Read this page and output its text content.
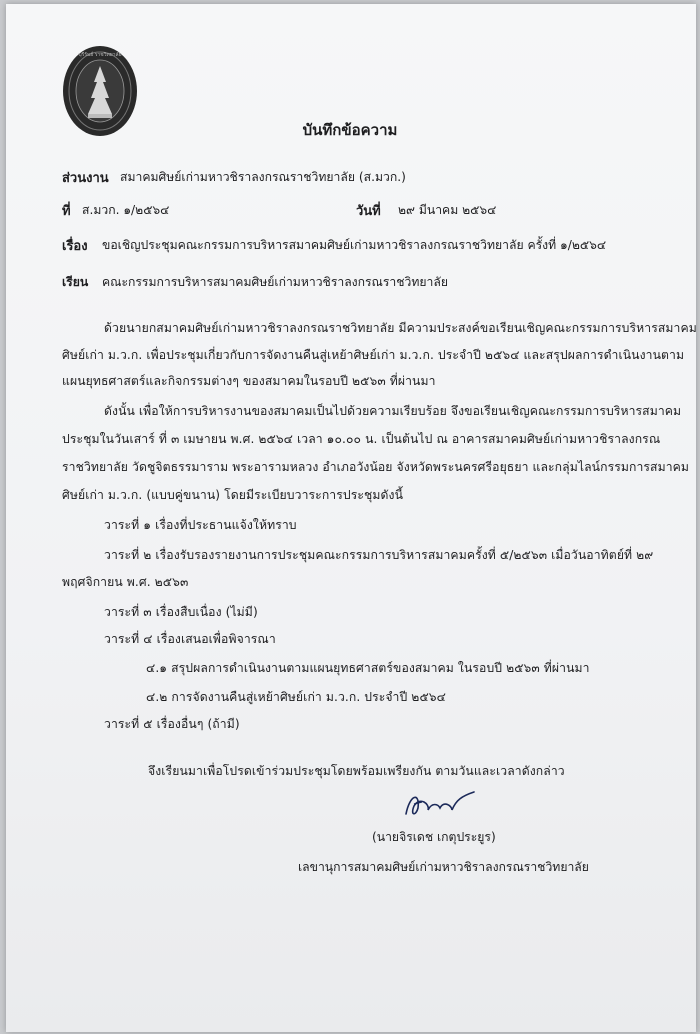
บุรีรัมย์ ราชวิทยาลัย
บันทึกข้อความ
ส่วนงาน สมาคมศิษย์เก่ามหาวชิราลงกรณราชวิทยาลัย (ส.มวก.)
ที่ ส.มวก. ๑/๒๕๖๔	วันที่ ๒๙ มีนาคม ๒๕๖๔
เรื่อง ขอเชิญประชุมคณะกรรมการบริหารสมาคมศิษย์เก่ามหาวชิราลงกรณราชวิทยาลัย ครั้งที่ ๑/๒๕๖๔
เรียน คณะกรรมการบริหารสมาคมศิษย์เก่ามหาวชิราลงกรณราชวิทยาลัย
ด้วยนายกสมาคมศิษย์เก่ามหาวชิราลงกรณราชวิทยาลัย มีความประสงค์ขอเรียนเชิญคณะกรรมการบริหารสมาคม
ศิษย์เก่า ม.ว.ก. เพื่อประชุมเกี่ยวกับการจัดงานคืนสู่เหย้าศิษย์เก่า ม.ว.ก. ประจำปี ๒๕๖๔ และสรุปผลการดำเนินงานตาม
แผนยุทธศาสตร์และกิจกรรมต่างๆ ของสมาคมในรอบปี ๒๕๖๓ ที่ผ่านมา
ดังนั้น เพื่อให้การบริหารงานของสมาคมเป็นไปด้วยความเรียบร้อย จึงขอเรียนเชิญคณะกรรมการบริหารสมาคม
ประชุมในวันเสาร์ ที่ ๓ เมษายน พ.ศ. ๒๕๖๔ เวลา ๑๐.๐๐ น. เป็นต้นไป ณ อาคารสมาคมศิษย์เก่ามหาวชิราลงกรณ
ราชวิทยาลัย วัดชูจิตธรรมาราม พระอารามหลวง อำเภอวังน้อย จังหวัดพระนครศรีอยุธยา และกลุ่มไลน์กรรมการสมาคม
ศิษย์เก่า ม.ว.ก. (แบบคู่ขนาน) โดยมีระเบียบวาระการประชุมดังนี้
วาระที่ ๑ เรื่องที่ประธานแจ้งให้ทราบ
วาระที่ ๒ เรื่องรับรองรายงานการประชุมคณะกรรมการบริหารสมาคมครั้งที่ ๕/๒๕๖๓ เมื่อวันอาทิตย์ที่ ๒๙
พฤศจิกายน พ.ศ. ๒๕๖๓
วาระที่ ๓ เรื่องสืบเนื่อง (ไม่มี)
วาระที่ ๔ เรื่องเสนอเพื่อพิจารณา
๔.๑ สรุปผลการดำเนินงานตามแผนยุทธศาสตร์ของสมาคม ในรอบปี ๒๕๖๓ ที่ผ่านมา
๔.๒ การจัดงานคืนสู่เหย้าศิษย์เก่า ม.ว.ก. ประจำปี ๒๕๖๔
วาระที่ ๕ เรื่องอื่นๆ (ถ้ามี)
จึงเรียนมาเพื่อโปรดเข้าร่วมประชุมโดยพร้อมเพรียงกัน ตามวันและเวลาดังกล่าว
(นายจิรเดช เกตุประยูร)
เลขานุการสมาคมศิษย์เก่ามหาวชิราลงกรณราชวิทยาลัย
